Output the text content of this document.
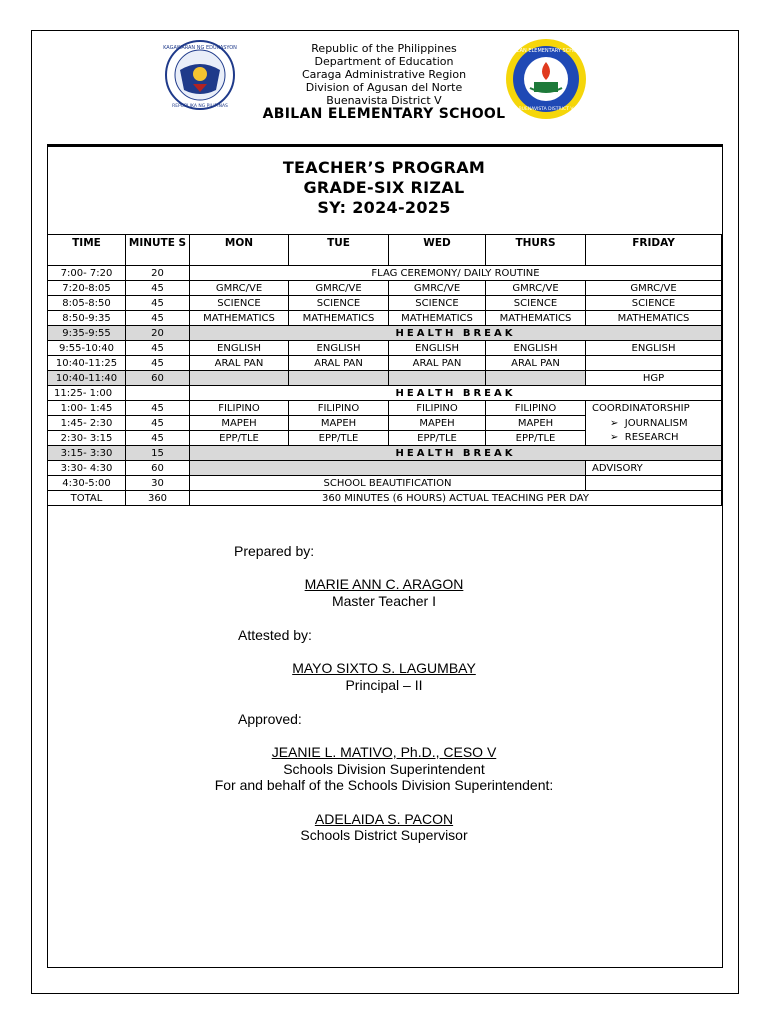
KAGAWARAN NG EDUKASYON
REPUBLIKA NG PILIPINAS
Republic of the Philippines
Department of Education
Caraga Administrative Region
Division of Agusan del Norte
Buenavista District V
ABILAN ELEMENTARY SCHOOL
ABILAN ELEMENTARY SCHOOL
BUENAVISTA DISTRICT V
TEACHER’S PROGRAM
GRADE-SIX RIZAL
SY: 2024-2025
TIME	MINUTE S	MON	TUE	WED	THURS	FRIDAY
7:00- 7:20	20	FLAG CEREMONY/ DAILY ROUTINE				
7:20-8:05	45	GMRC/VE	GMRC/VE	GMRC/VE	GMRC/VE	GMRC/VE
8:05-8:50	45	SCIENCE	SCIENCE	SCIENCE	SCIENCE	SCIENCE
8:50-9:35	45	MATHEMATICS	MATHEMATICS	MATHEMATICS	MATHEMATICS	MATHEMATICS
9:35-9:55	20	HEALTH BREAK				
9:55-10:40	45	ENGLISH	ENGLISH	ENGLISH	ENGLISH	ENGLISH
10:40-11:25	45	ARAL PAN	ARAL PAN	ARAL PAN	ARAL PAN	
10:40-11:40	60					HGP
11:25- 1:00		HEALTH BREAK				
1:00- 1:45	45	FILIPINO	FILIPINO	FILIPINO	FILIPINO	COORDINATORSHIP
1:45- 2:30	45	MAPEH	MAPEH	MAPEH	MAPEH	➢  JOURNALISM
2:30- 3:15	45	EPP/TLE	EPP/TLE	EPP/TLE	EPP/TLE	➢  RESEARCH
3:15- 3:30	15	HEALTH BREAK				
3:30- 4:30	60					ADVISORY
4:30-5:00	30	SCHOOL BEAUTIFICATION				
TOTAL	360	360 MINUTES (6 HOURS) ACTUAL TEACHING PER DAY				
Prepared by:
MARIE ANN C. ARAGON
Master Teacher I
Attested by:
MAYO SIXTO S. LAGUMBAY
Principal – II
Approved:
JEANIE L. MATIVO, Ph.D., CESO V
Schools Division Superintendent
For and behalf of the Schools Division Superintendent:
ADELAIDA S. PACON
Schools District Supervisor
